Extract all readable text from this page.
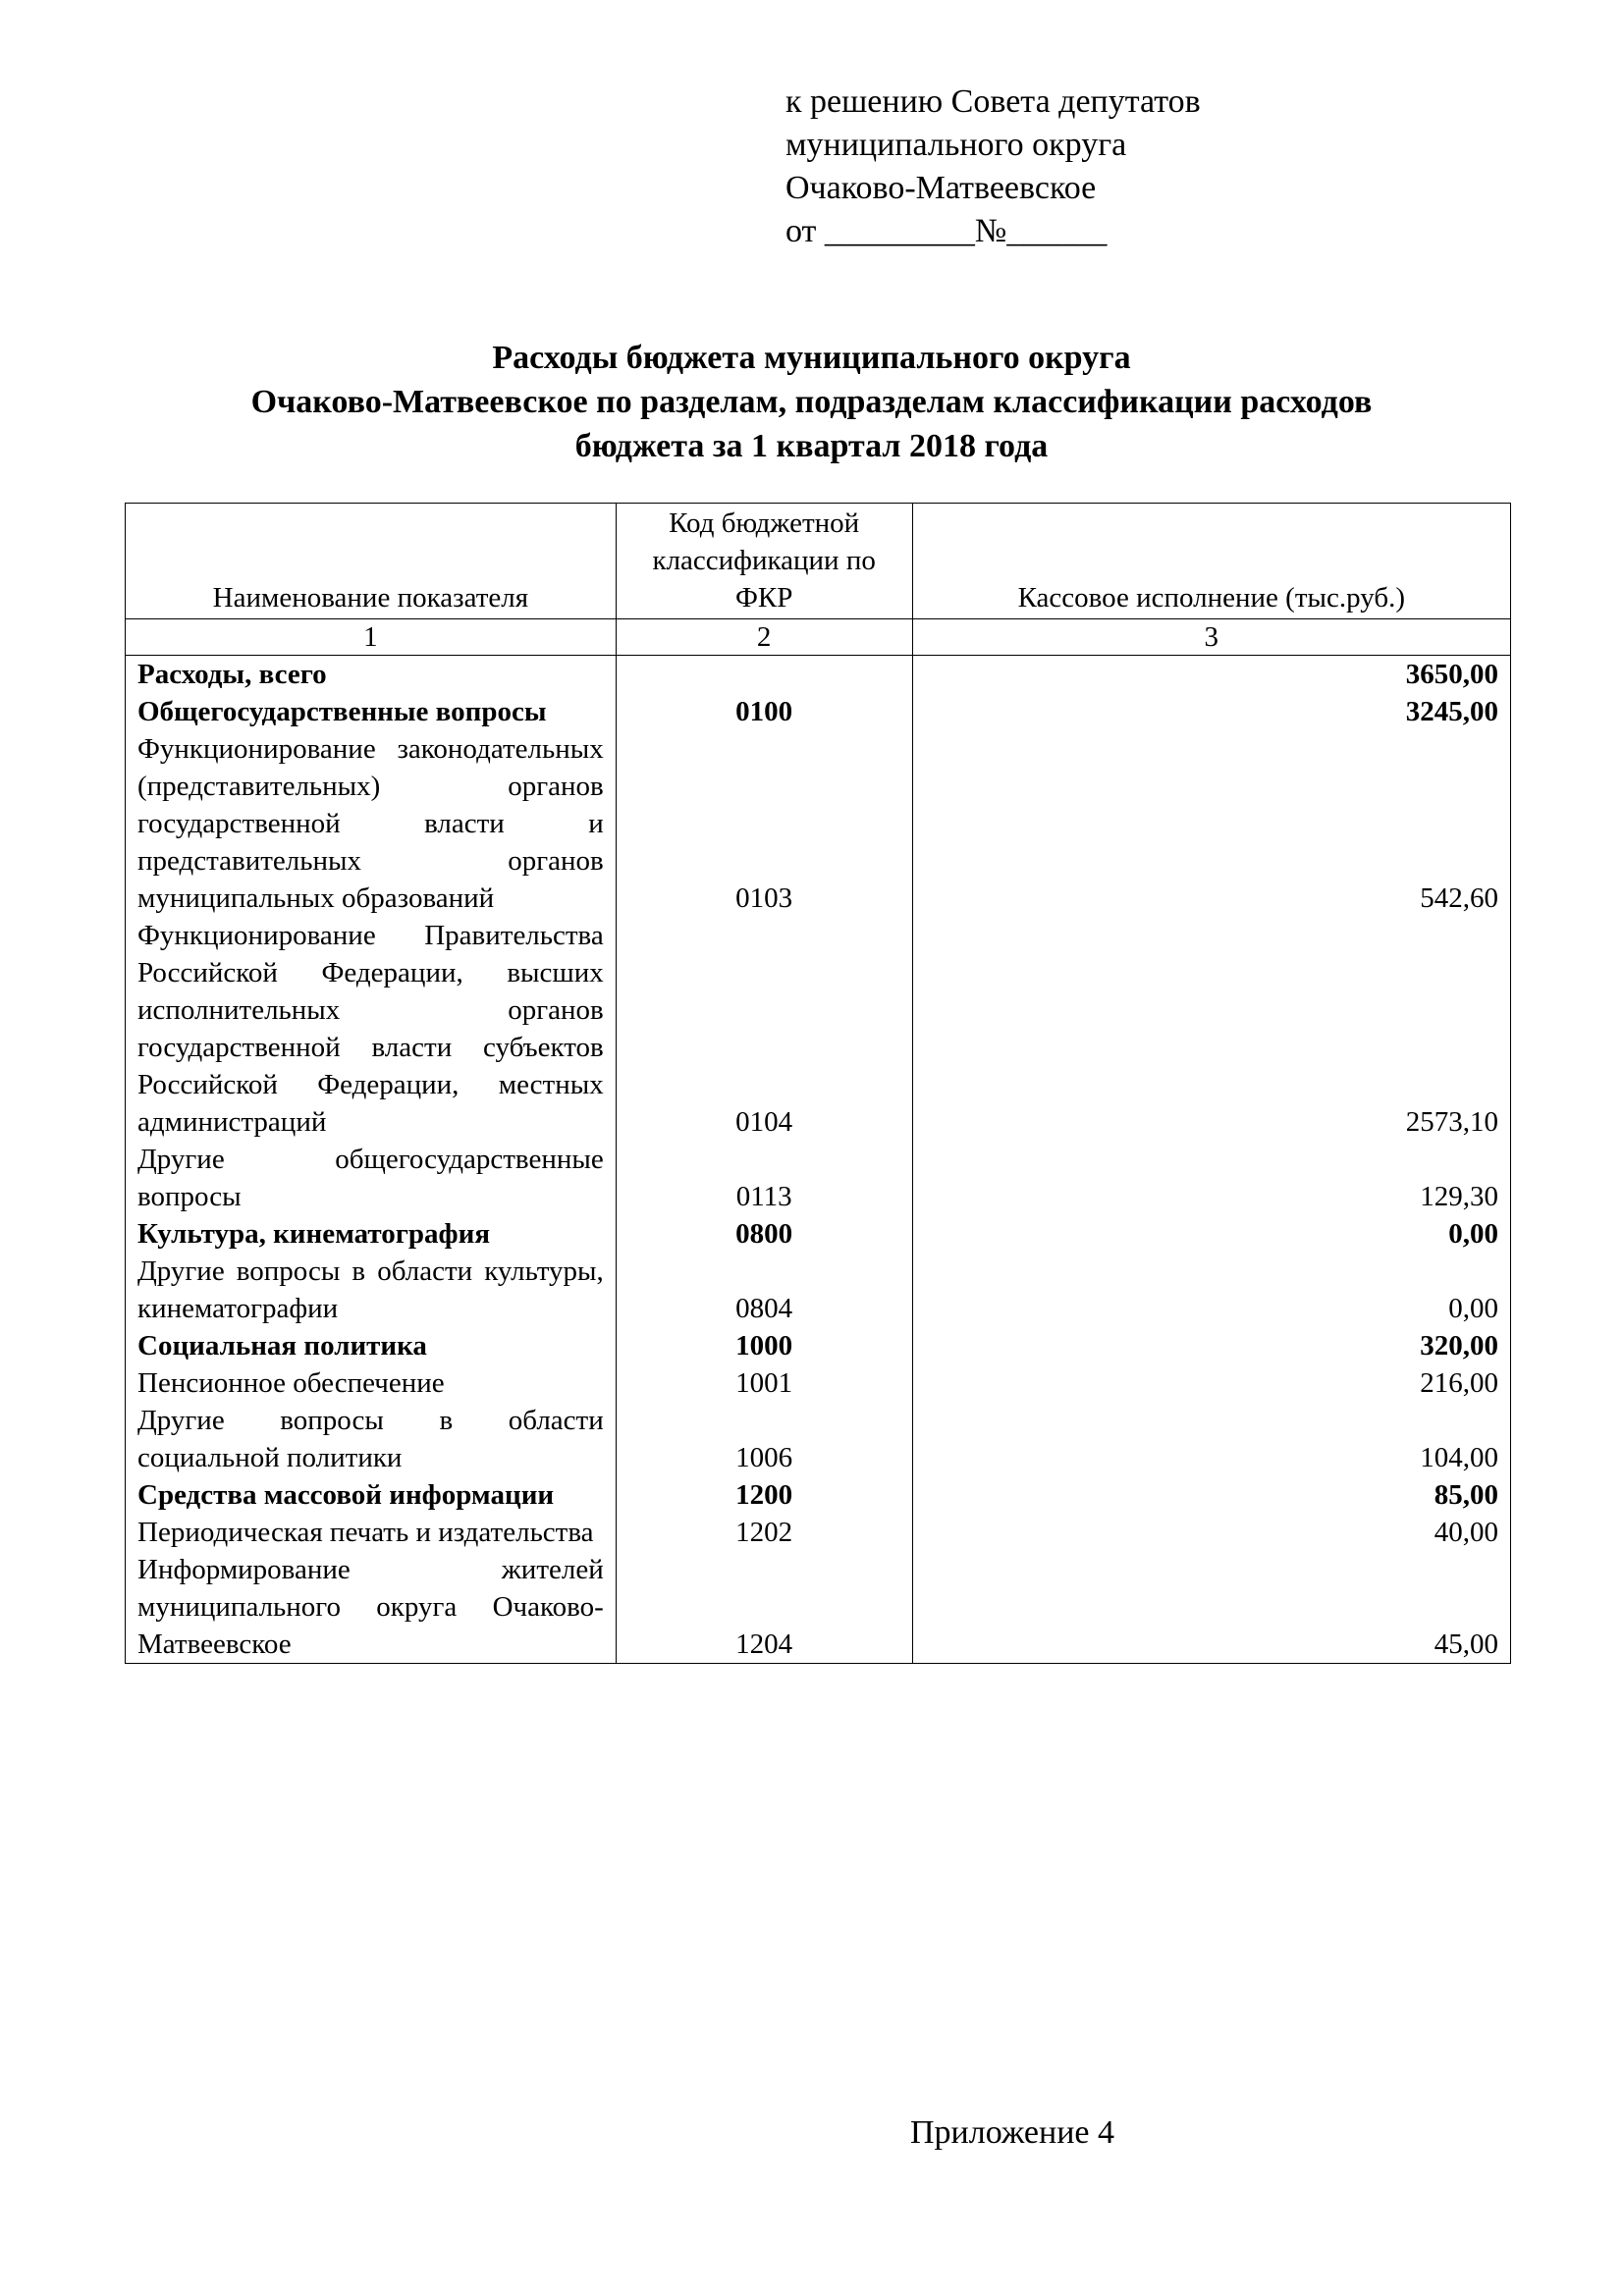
к решению Совета депутатов
муниципального округа
Очаково-Матвеевское
от _________№______
Расходы бюджета муниципального округа
Очаково-Матвеевское по разделам, подразделам классификации расходов
бюджета за 1 квартал 2018 года
Наименование показателя	Код бюджетной классификации по ФКР	Кассовое исполнение (тыс.руб.)
1	2	3
Расходы, всего		3650,00
Общегосударственные вопросы	0100	3245,00
Функционирование законодательных (представительных) органов государственной власти и представительных органов муниципальных образований	0103	542,60
Функционирование Правительства Российской Федерации, высших исполнительных органов государственной власти субъектов Российской Федерации, местных администраций	0104	2573,10
Другие общегосударственные вопросы	0113	129,30
Культура, кинематография	0800	0,00
Другие вопросы в области культуры, кинематографии	0804	0,00
Социальная политика	1000	320,00
Пенсионное обеспечение	1001	216,00
Другие вопросы в области социальной политики	1006	104,00
Средства массовой информации	1200	85,00
Периодическая печать и издательства	1202	40,00
Информирование жителей муниципального округа Очаково-Матвеевское	1204	45,00
Приложение 4
